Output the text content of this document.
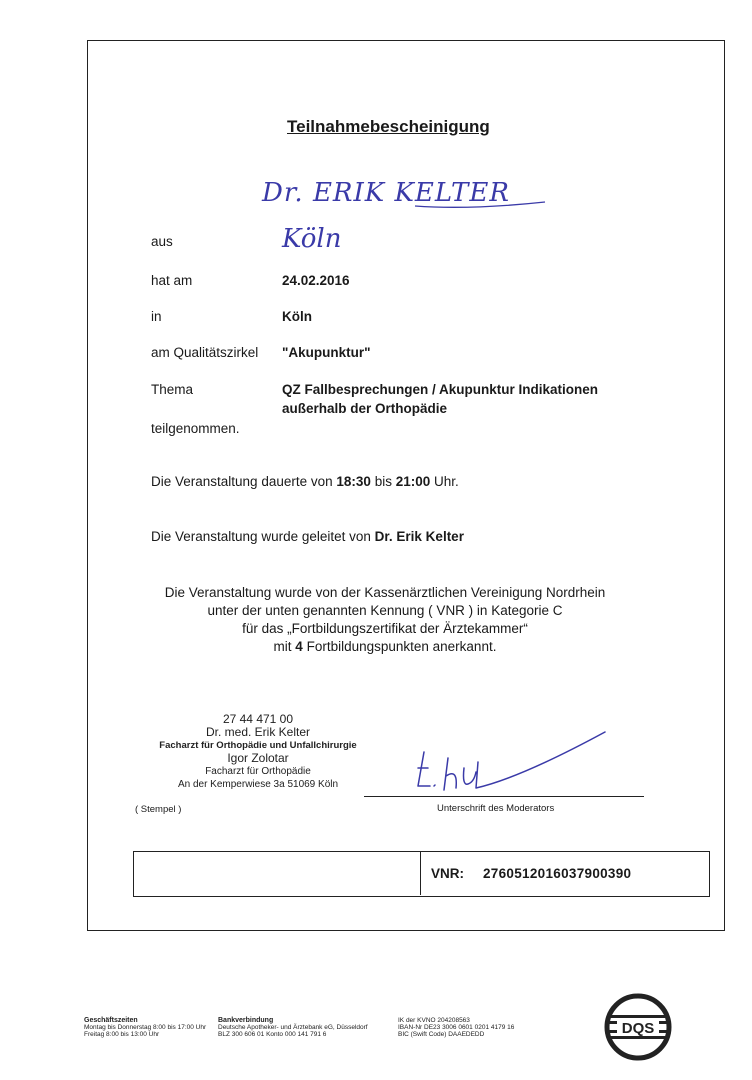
Teilnahmebescheinigung
Dr. ERIK KELTER
aus	Köln
hat am	24.02.2016
in	Köln
am Qualitätszirkel "Akupunktur"
Thema	QZ Fallbesprechungen / Akupunktur Indikationen
außerhalb der Orthopädie
teilgenommen.
Die Veranstaltung dauerte von 18:30 bis 21:00 Uhr.
Die Veranstaltung wurde geleitet von Dr. Erik Kelter
Die Veranstaltung wurde von der Kassenärztlichen Vereinigung Nordrhein
unter der unten genannten Kennung ( VNR ) in Kategorie C
für das „Fortbildungszertifikat der Ärztekammer“
mit 4 Fortbildungspunkten anerkannt.
27 44 471 00
Dr. med. Erik Kelter
Facharzt für Orthopädie und Unfallchirurgie
Igor Zolotar
Facharzt für Orthopädie
An der Kemperwiese 3a 51069 Köln
( Stempel )	Unterschrift des Moderators
VNR: 2760512016037900390
Geschäftszeiten
Montag bis Donnerstag 8:00 bis 17:00 Uhr
Freitag 8:00 bis 13:00 Uhr
Bankverbindung
Deutsche Apotheker- und Ärztebank eG, Düsseldorf
BLZ 300 606 01 Konto 000 141 791 6
IK der KVNO 204208563
IBAN-Nr DE23 3006 0601 0201 4179 16
BIC (Swift Code) DAAEDEDD	DQS
